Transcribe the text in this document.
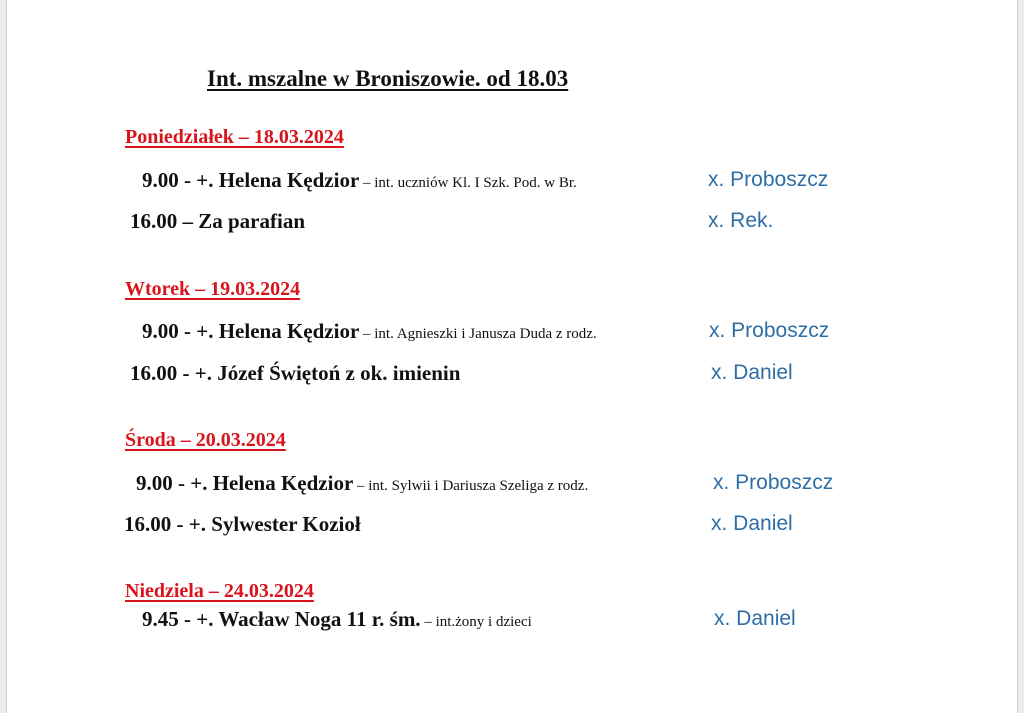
Int. mszalne w Broniszowie. od 18.03
Poniedziałek – 18.03.2024
9.00 - +. Helena Kędzior – int. uczniów Kl. I Szk. Pod. w Br.	x. Proboszcz
16.00 – Za parafian	x. Rek.
Wtorek – 19.03.2024
9.00 - +. Helena Kędzior – int. Agnieszki i Janusza Duda z rodz.	x. Proboszcz
16.00 - +. Józef Świętoń z ok. imienin	x. Daniel
Środa – 20.03.2024
9.00 - +. Helena Kędzior – int. Sylwii i Dariusza Szeliga z rodz.	x. Proboszcz
16.00 - +. Sylwester Kozioł	x. Daniel
Niedziela – 24.03.2024
9.45 - +. Wacław Noga 11 r. śm. – int.żony i dzieci	x. Daniel
